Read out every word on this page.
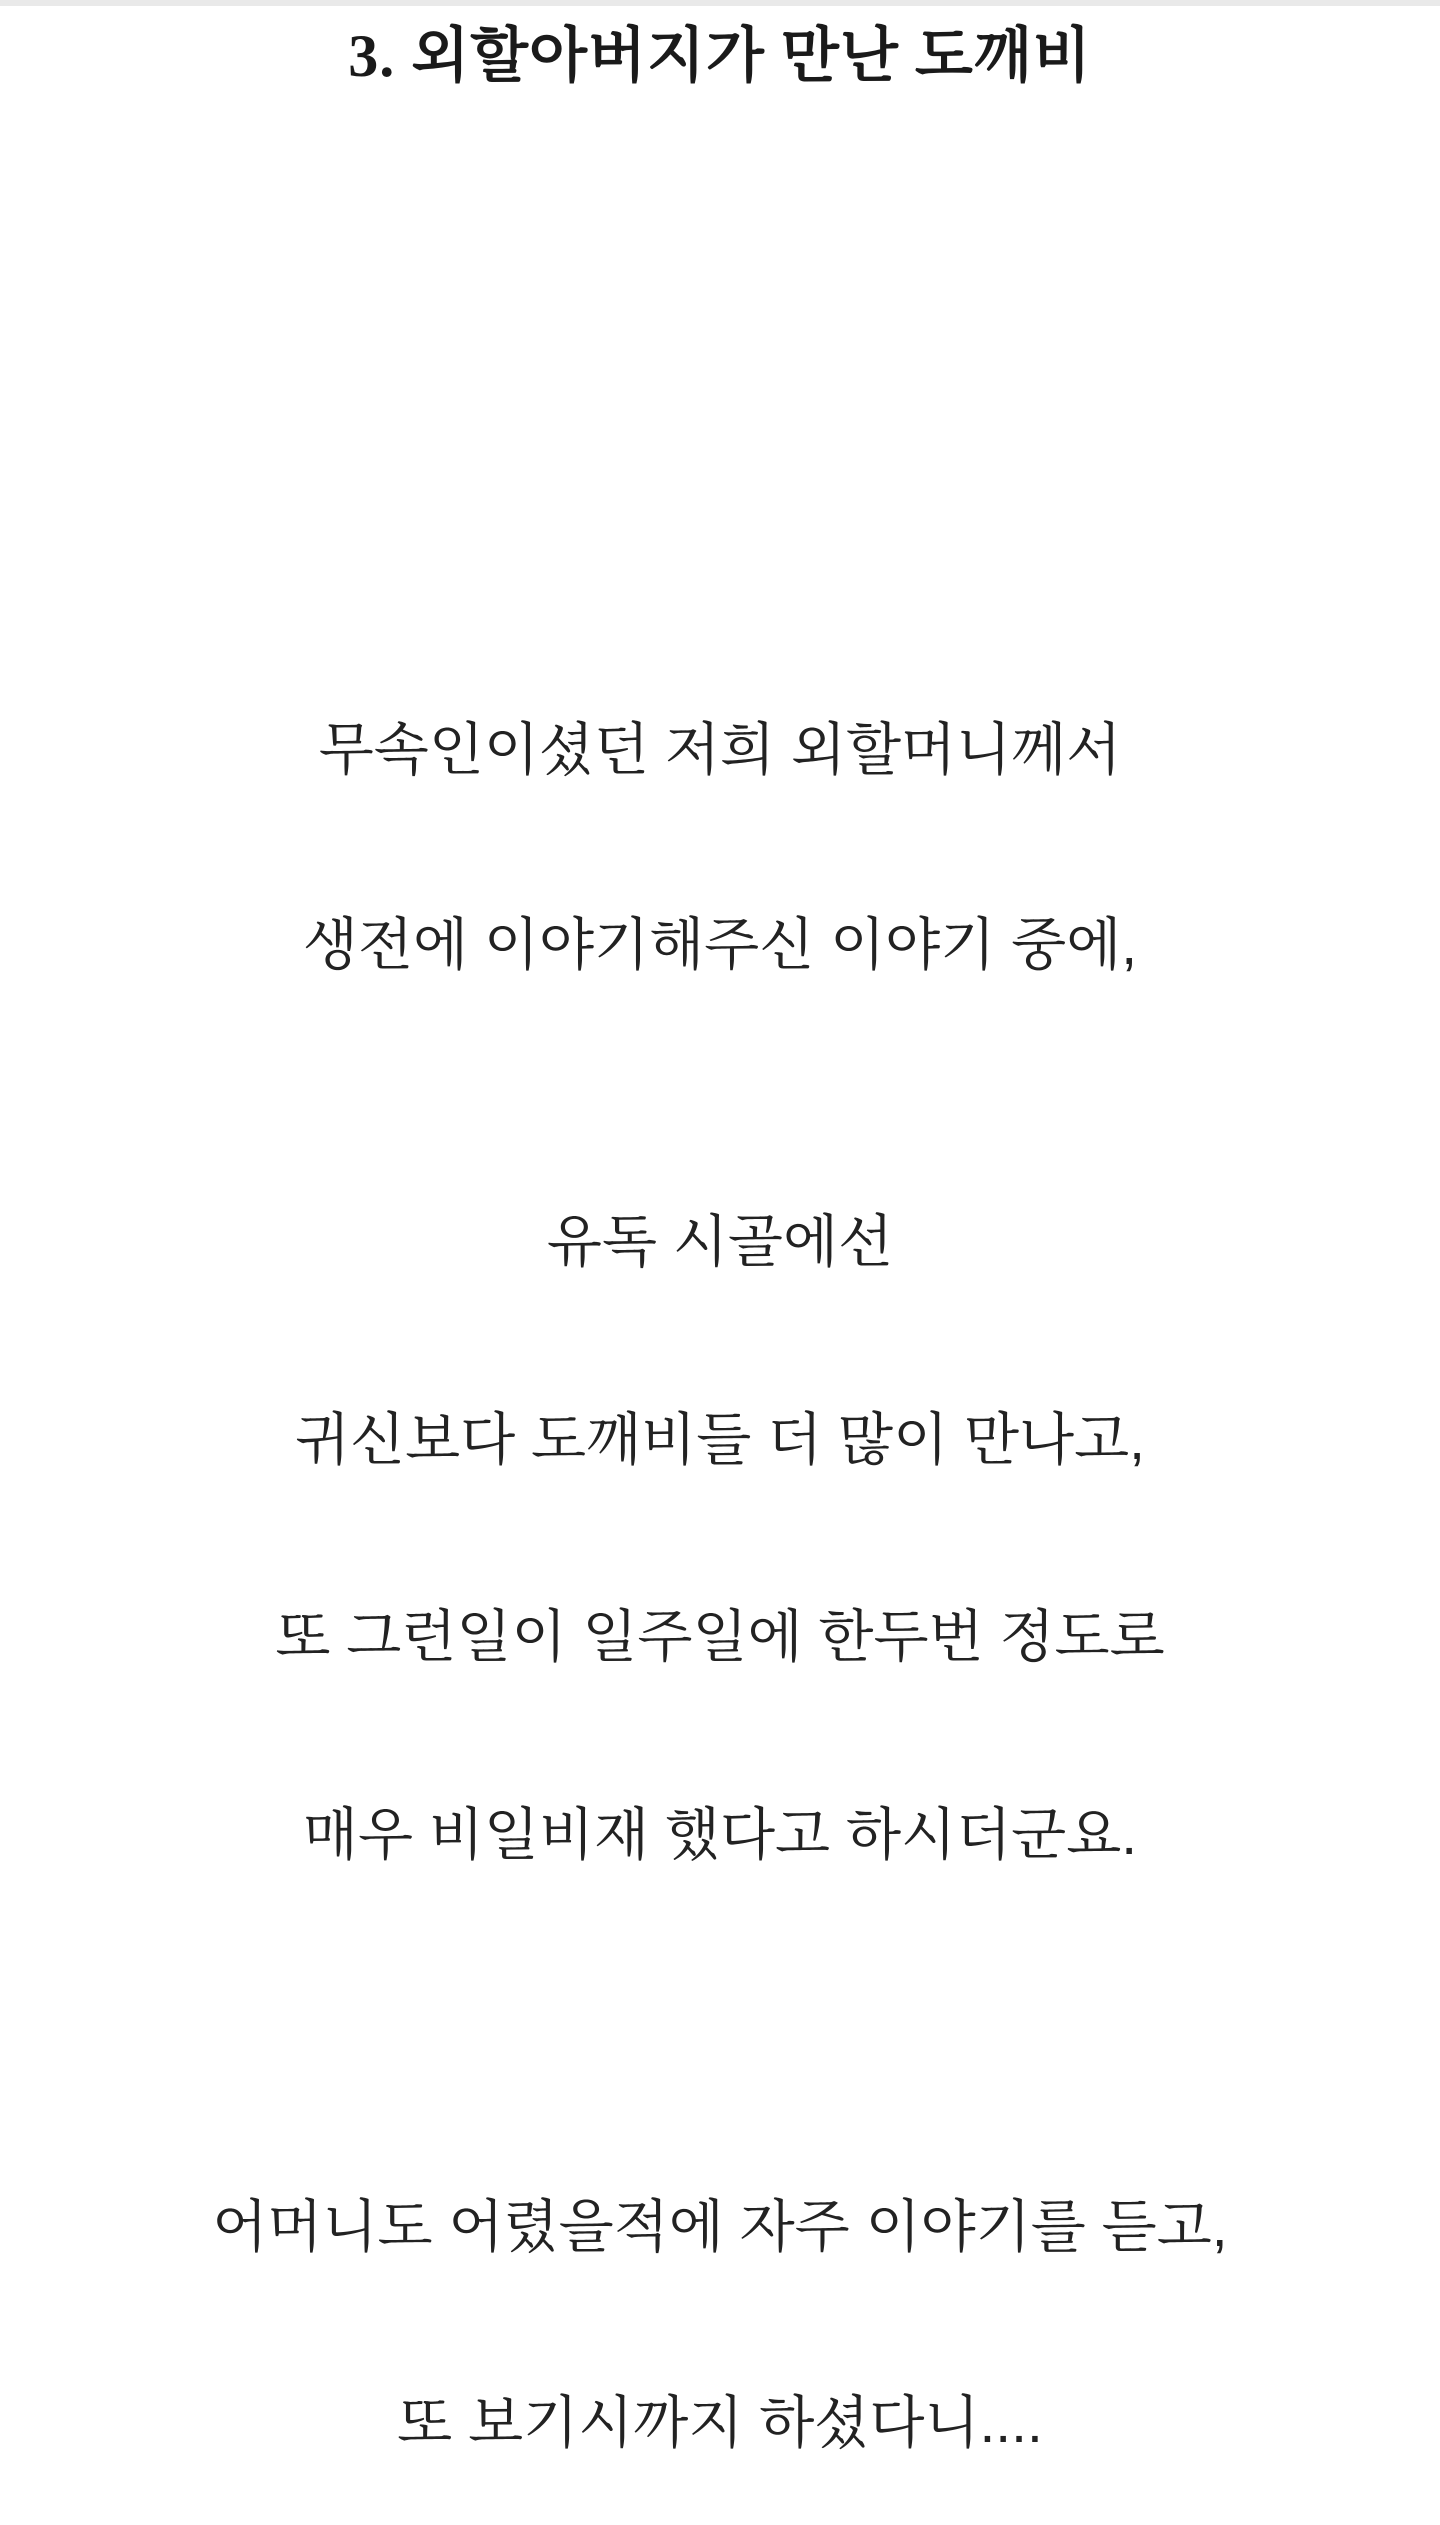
3. 외할아버지가 만난 도깨비

무속인이셨던 저희 외할머니께서

생전에 이야기해주신 이야기 중에,

유독 시골에선

귀신보다 도깨비들 더 많이 만나고,

또 그런일이 일주일에 한두번 정도로

매우 비일비재 했다고 하시더군요.

어머니도 어렸을적에 자주 이야기를 듣고,

또 보기시까지 하셨다니....
